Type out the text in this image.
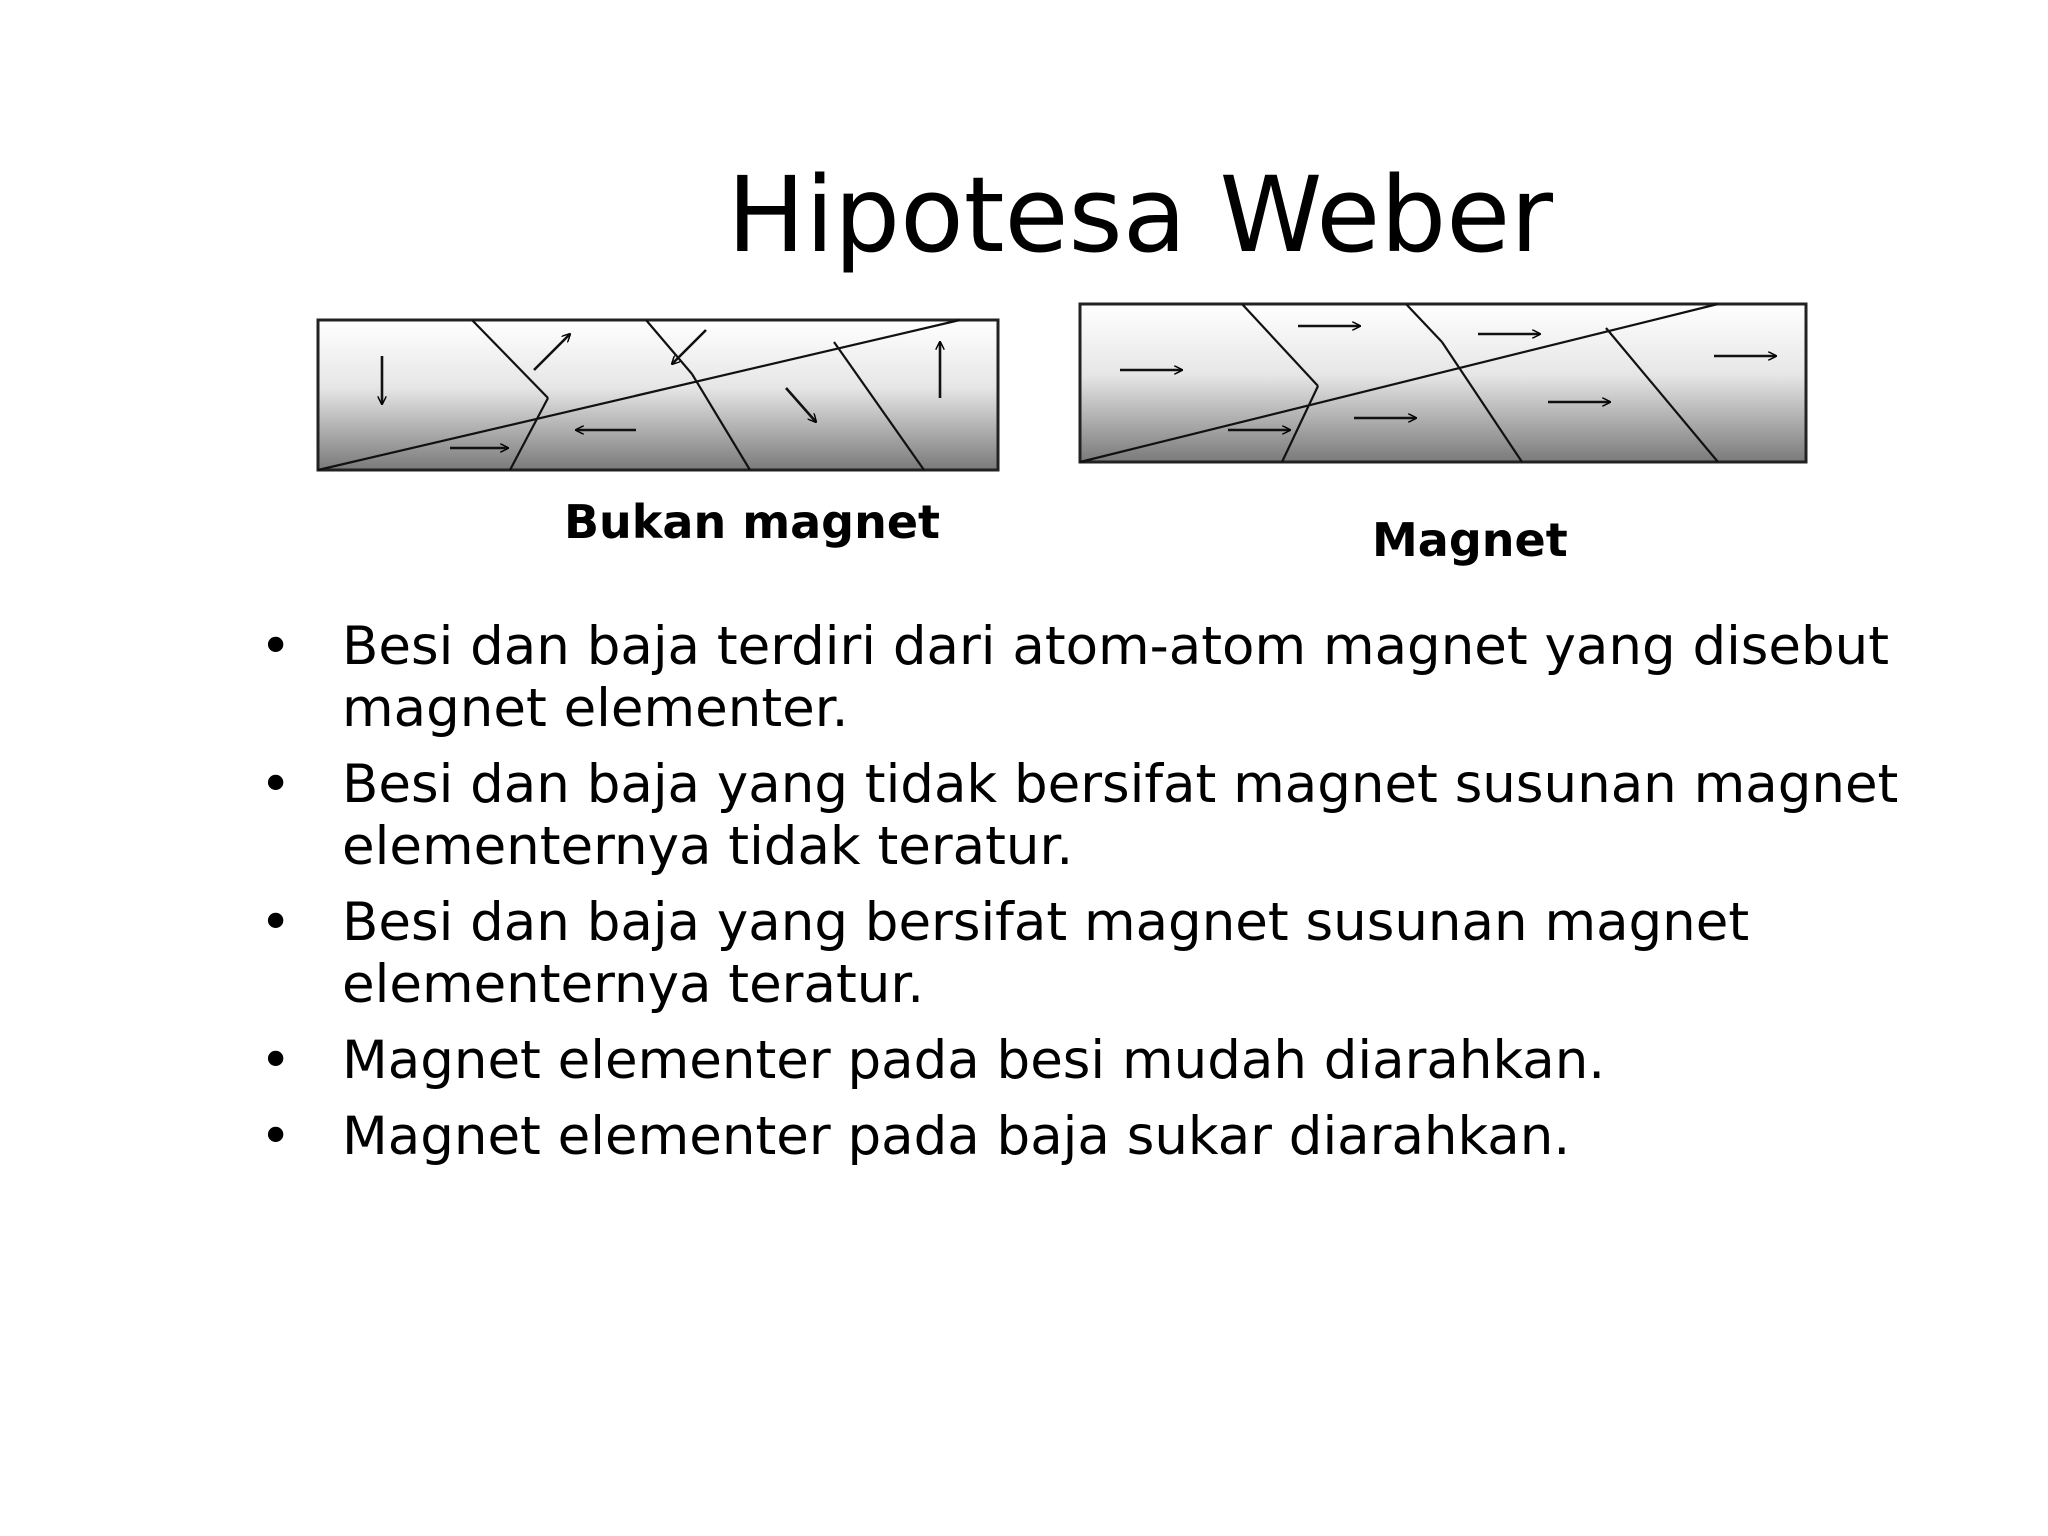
Hipotesa Weber
Bukan magnet	Magnet
• Besi dan baja terdiri dari atom-atom magnet yang disebut magnet elementer.
• Besi dan baja yang tidak bersifat magnet susunan magnet elementernya tidak teratur.
• Besi dan baja yang bersifat magnet susunan magnet elementernya teratur.
• Magnet elementer pada besi mudah diarahkan.
• Magnet elementer pada baja sukar diarahkan.
